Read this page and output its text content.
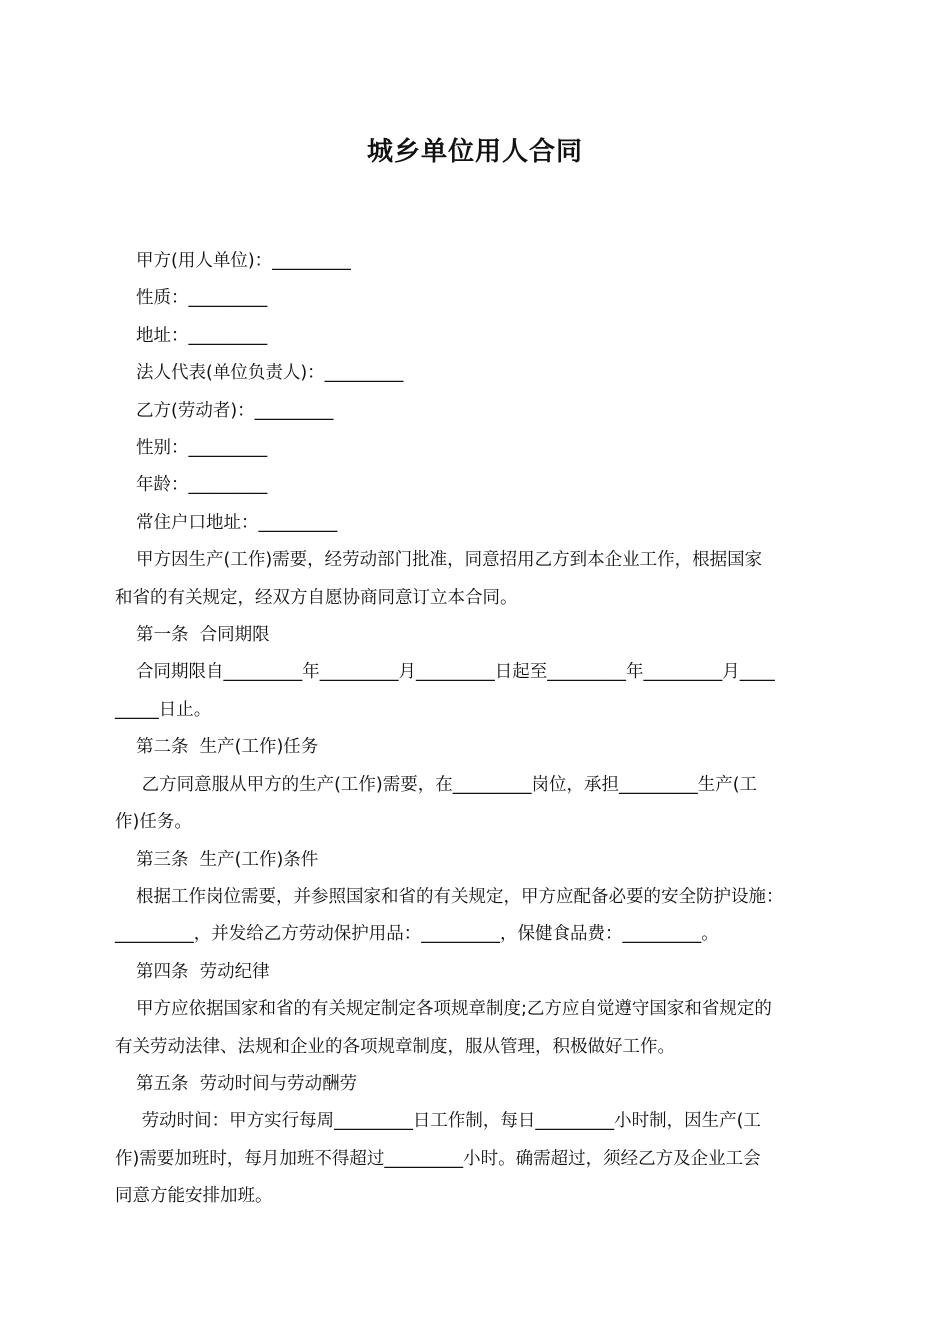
城乡单位用人合同

甲方(用人单位)：_________

性质：_________

地址：_________

法人代表(单位负责人)：_________

乙方(劳动者)：_________

性别：_________

年龄：_________

常住户口地址：_________

甲方因生产(工作)需要，经劳动部门批准，同意招用乙方到本企业工作，根据国家

和省的有关规定，经双方自愿协商同意订立本合同。

第一条  合同期限

合同期限自_________年_________月_________日起至_________年_________月____

_____日止。

第二条  生产(工作)任务

乙方同意服从甲方的生产(工作)需要，在_________岗位，承担_________生产(工

作)任务。

第三条  生产(工作)条件

根据工作岗位需要，并参照国家和省的有关规定，甲方应配备必要的安全防护设施：

_________，并发给乙方劳动保护用品：_________，保健食品费：_________。

第四条  劳动纪律

甲方应依据国家和省的有关规定制定各项规章制度;乙方应自觉遵守国家和省规定的

有关劳动法律、法规和企业的各项规章制度，服从管理，积极做好工作。

第五条  劳动时间与劳动酬劳

劳动时间：甲方实行每周_________日工作制，每日_________小时制，因生产(工

作)需要加班时，每月加班不得超过_________小时。确需超过，须经乙方及企业工会

同意方能安排加班。
